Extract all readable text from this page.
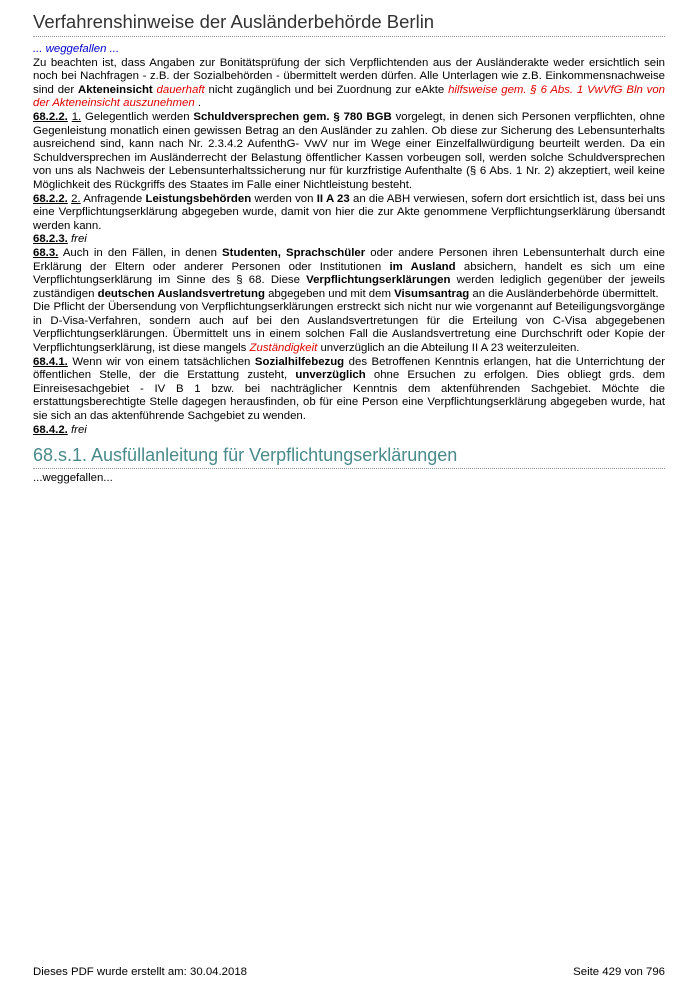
Verfahrenshinweise der Ausländerbehörde Berlin

... weggefallen ...

Zu beachten ist, dass Angaben zur Bonitätsprüfung der sich Verpflichtenden aus der Ausländerakte weder ersichtlich sein noch bei Nachfragen - z.B. der Sozialbehörden - übermittelt werden dürfen. Alle Unterlagen wie z.B. Einkommensnachweise sind der Akteneinsicht dauerhaft nicht zugänglich und bei Zuordnung zur eAkte hilfsweise gem. § 6 Abs. 1 VwVfG Bln von der Akteneinsicht auszunehmen .

68.2.2. 1. Gelegentlich werden Schuldversprechen gem. § 780 BGB vorgelegt, in denen sich Personen verpflichten, ohne Gegenleistung monatlich einen gewissen Betrag an den Ausländer zu zahlen. Ob diese zur Sicherung des Lebensunterhalts ausreichend sind, kann nach Nr. 2.3.4.2 AufenthG- VwV nur im Wege einer Einzelfallwürdigung beurteilt werden. Da ein Schuldversprechen im Ausländerrecht der Belastung öffentlicher Kassen vorbeugen soll, werden solche Schuldversprechen von uns als Nachweis der Lebensunterhaltssicherung nur für kurzfristige Aufenthalte (§ 6 Abs. 1 Nr. 2) akzeptiert, weil keine Möglichkeit des Rückgriffs des Staates im Falle einer Nichtleistung besteht.

68.2.2. 2. Anfragende Leistungsbehörden werden von II A 23 an die ABH verwiesen, sofern dort ersichtlich ist, dass bei uns eine Verpflichtungserklärung abgegeben wurde, damit von hier die zur Akte genommene Verpflichtungserklärung übersandt werden kann.

68.2.3. frei

68.3. Auch in den Fällen, in denen Studenten, Sprachschüler oder andere Personen ihren Lebensunterhalt durch eine Erklärung der Eltern oder anderer Personen oder Institutionen im Ausland absichern, handelt es sich um eine Verpflichtungserklärung im Sinne des § 68. Diese Verpflichtungserklärungen werden lediglich gegenüber der jeweils zuständigen deutschen Auslandsvertretung abgegeben und mit dem Visumsantrag an die Ausländerbehörde übermittelt.

Die Pflicht der Übersendung von Verpflichtungserklärungen erstreckt sich nicht nur wie vorgenannt auf Beteiligungsvorgänge in D-Visa-Verfahren, sondern auch auf bei den Auslandsvertretungen für die Erteilung von C-Visa abgegebenen Verpflichtungserklärungen. Übermittelt uns in einem solchen Fall die Auslandsvertretung eine Durchschrift oder Kopie der Verpflichtungserklärung, ist diese mangels Zuständigkeit unverzüglich an die Abteilung II A 23 weiterzuleiten.

68.4.1. Wenn wir von einem tatsächlichen Sozialhilfebezug des Betroffenen Kenntnis erlangen, hat die Unterrichtung der öffentlichen Stelle, der die Erstattung zusteht, unverzüglich ohne Ersuchen zu erfolgen. Dies obliegt grds. dem Einreisesachgebiet - IV B 1 bzw. bei nachträglicher Kenntnis dem aktenführenden Sachgebiet. Möchte die erstattungsberechtigte Stelle dagegen herausfinden, ob für eine Person eine Verpflichtungserklärung abgegeben wurde, hat sie sich an das aktenführende Sachgebiet zu wenden.

68.4.2. frei

68.s.1. Ausfüllanleitung für Verpflichtungserklärungen

...weggefallen...

Dieses PDF wurde erstellt am: 30.04.2018	Seite 429 von 796
